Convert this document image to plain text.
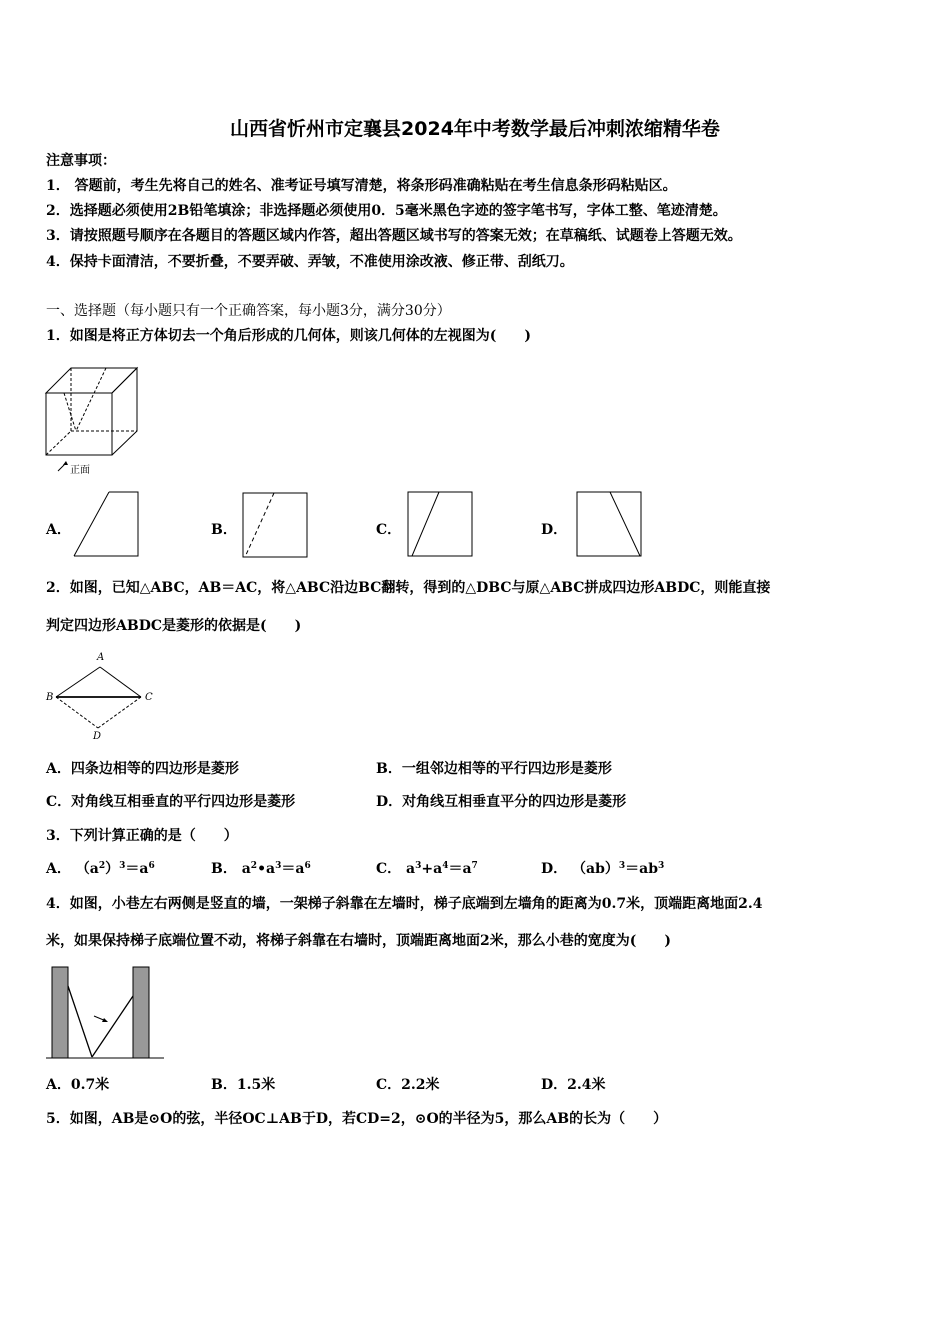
山西省忻州市定襄县2024年中考数学最后冲刺浓缩精华卷
注意事项：
1． 答题前，考生先将自己的姓名、准考证号填写清楚，将条形码准确粘贴在考生信息条形码粘贴区。
2．选择题必须使用2B铅笔填涂；非选择题必须使用0．5毫米黑色字迹的签字笔书写，字体工整、笔迹清楚。
3．请按照题号顺序在各题目的答题区域内作答，超出答题区域书写的答案无效；在草稿纸、试题卷上答题无效。
4．保持卡面清洁，不要折叠，不要弄破、弄皱，不准使用涂改液、修正带、刮纸刀。
一、选择题（每小题只有一个正确答案，每小题3分，满分30分）
1．如图是将正方体切去一个角后形成的几何体，则该几何体的左视图为(　　)
正面
A．	B．	C．	D．
2．如图，已知△ABC，AB＝AC，将△ABC沿边BC翻转，得到的△DBC与原△ABC拼成四边形ABDC，则能直接
判定四边形ABDC是菱形的依据是(　　)
A
B	C
D
A．四条边相等的四边形是菱形	B．一组邻边相等的平行四边形是菱形
C．对角线互相垂直的平行四边形是菱形	D．对角线互相垂直平分的四边形是菱形
3．下列计算正确的是（　　）
A． $(a^2)^3=a^6$	B． $a^2•a^3=a^6$	C． $a^3+a^4=a^7$	D． $(ab)^3=ab^3$
4．如图，小巷左右两侧是竖直的墙，一架梯子斜靠在左墙时，梯子底端到左墙角的距离为0.7米，顶端距离地面2.4
米，如果保持梯子底端位置不动，将梯子斜靠在右墙时，顶端距离地面2米，那么小巷的宽度为(　　)
A．0.7米	B．1.5米	C．2.2米	D．2.4米
5．如图，AB是⊙O的弦，半径OC⊥AB于D，若CD=2，⊙O的半径为5，那么AB的长为（　　）
